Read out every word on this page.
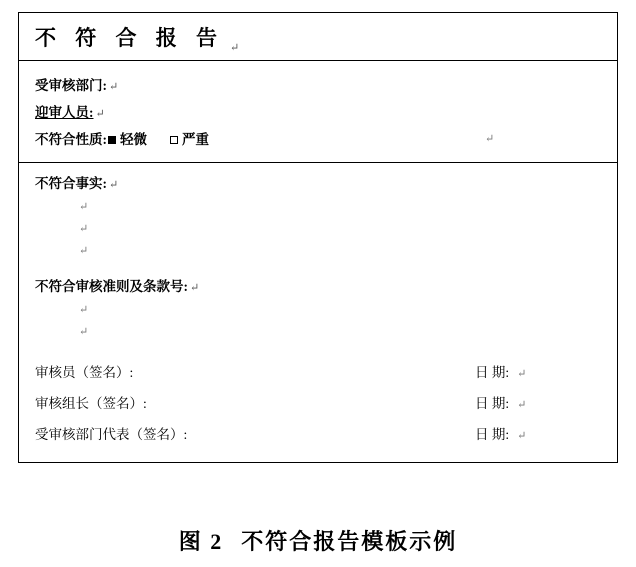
不 符 合 报 告 ↵
受审核部门: ↵
迎审人员: ↵
不符合性质: 轻微	严重	↵
不符合事实: ↵
↵
↵
↵
不符合审核准则及条款号: ↵
↵
↵
审核员（签名）:	日 期: ↵
审核组长（签名）:	日 期: ↵
受审核部门代表（签名）:	日 期: ↵
图 2 不符合报告模板示例
